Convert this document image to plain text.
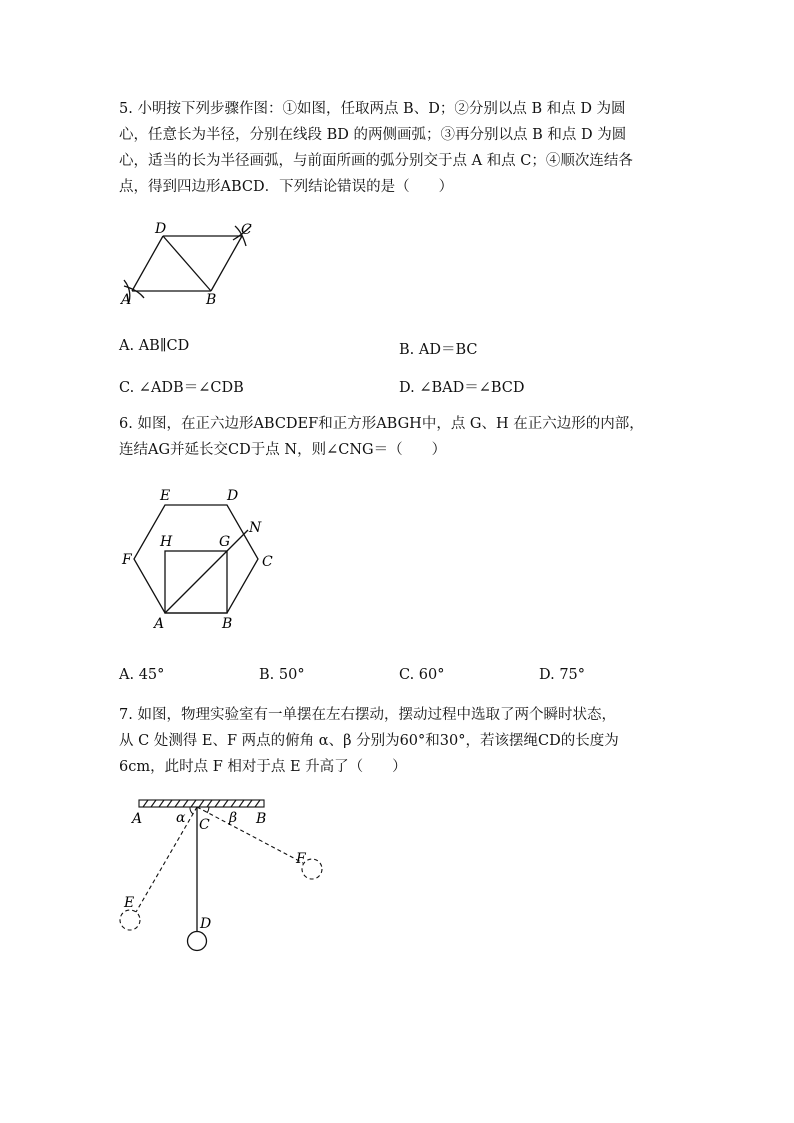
5. 小明按下列步骤作图：①如图，任取两点 B、D；②分别以点 B 和点 D 为圆
心，任意长为半径，分别在线段 BD 的两侧画弧；③再分别以点 B 和点 D 为圆
心，适当的长为半径画弧，与前面所画的弧分别交于点 A 和点 C；④顺次连结各
点，得到四边形ABCD．下列结论错误的是（　　）
D	C
A	B
A. AB∥CD	B. AD＝BC
C. ∠ADB＝∠CDB	D. ∠BAD＝∠BCD
6. 如图，在正六边形ABCDEF和正方形ABGH中，点 G、H 在正六边形的内部，
连结AG并延长交CD于点 N，则∠CNG＝（　　）
E	D
N
F	C
H	G
A	B
A. 45°	B. 50°	C. 60°	D. 75°
7. 如图，物理实验室有一单摆在左右摆动，摆动过程中选取了两个瞬时状态，
从 C 处测得 E、F 两点的俯角 α、β 分别为60°和30°，若该摆绳CD的长度为
6cm，此时点 F 相对于点 E 升高了（　　）
A α C β B
F
E
D
